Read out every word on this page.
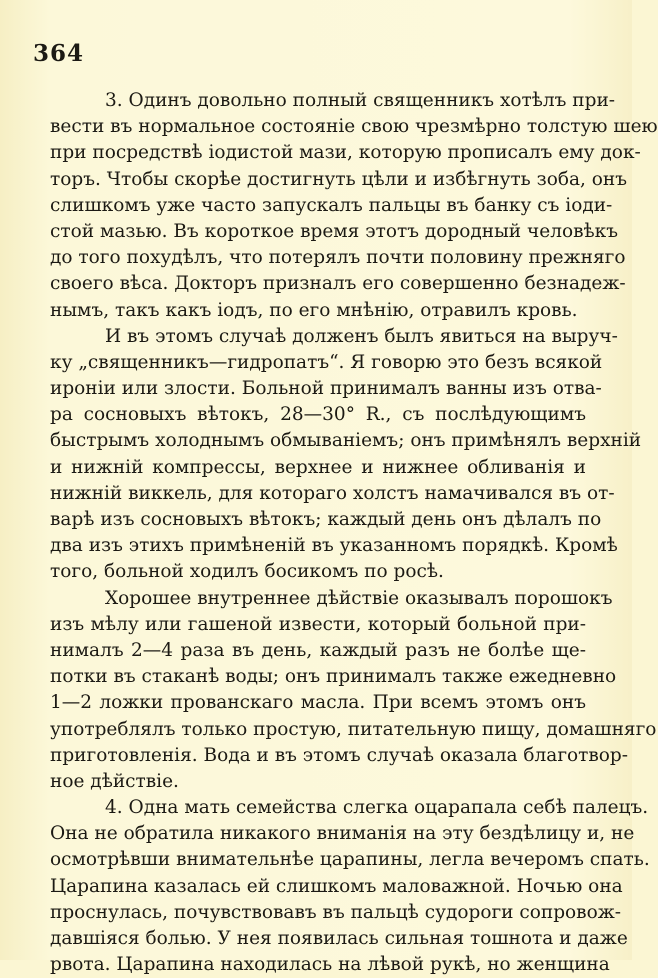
364
3. Одинъ довольно полный священникъ хотѣлъ при-
вести въ нормальное состояніе свою чрезмѣрно толстую шею
при посредствѣ іодистой мази, которую прописалъ ему док-
торъ. Чтобы скорѣе достигнуть цѣли и избѣгнуть зоба, онъ
слишкомъ уже часто запускалъ пальцы въ банку съ іоди-
стой мазью. Въ короткое время этотъ дородный человѣкъ
до того похудѣлъ, что потерялъ почти половину прежняго
своего вѣса. Докторъ призналъ его совершенно безнадеж-
нымъ, такъ какъ іодъ, по его мнѣнію, отравилъ кровь.
И въ этомъ случаѣ долженъ былъ явиться на выруч-
ку „священникъ—гидропатъ“. Я говорю это безъ всякой
ироніи или злости. Больной принималъ ванны изъ отва-
ра сосновыхъ вѣтокъ, 28—30° R., съ послѣдующимъ
быстрымъ холоднымъ обмываніемъ; онъ примѣнялъ верхній
и нижній компрессы, верхнее и нижнее обливанія и
нижній виккель, для котораго холстъ намачивался въ от-
варѣ изъ сосновыхъ вѣтокъ; каждый день онъ дѣлалъ по
два изъ этихъ примѣненій въ указанномъ порядкѣ. Кромѣ
того, больной ходилъ босикомъ по росѣ.
Хорошее внутреннее дѣйствіе оказывалъ порошокъ
изъ мѣлу или гашеной извести, который больной при-
нималъ 2—4 раза въ день, каждый разъ не болѣе ще-
потки въ стаканѣ воды; онъ принималъ также ежедневно
1—2 ложки прованскаго масла. При всемъ этомъ онъ
употреблялъ только простую, питательную пищу, домашняго
приготовленія. Вода и въ этомъ случаѣ оказала благотвор-
ное дѣйствіе.
4. Одна мать семейства слегка оцарапала себѣ палецъ.
Она не обратила никакого вниманія на эту бездѣлицу и, не
осмотрѣвши внимательнѣе царапины, легла вечеромъ спать.
Царапина казалась ей слишкомъ маловажной. Ночью она
проснулась, почувствовавъ въ пальцѣ судороги сопровож-
давшіяся болью. У нея появилась сильная тошнота и даже
рвота. Царапина находилась на лѣвой рукѣ, но женщина
